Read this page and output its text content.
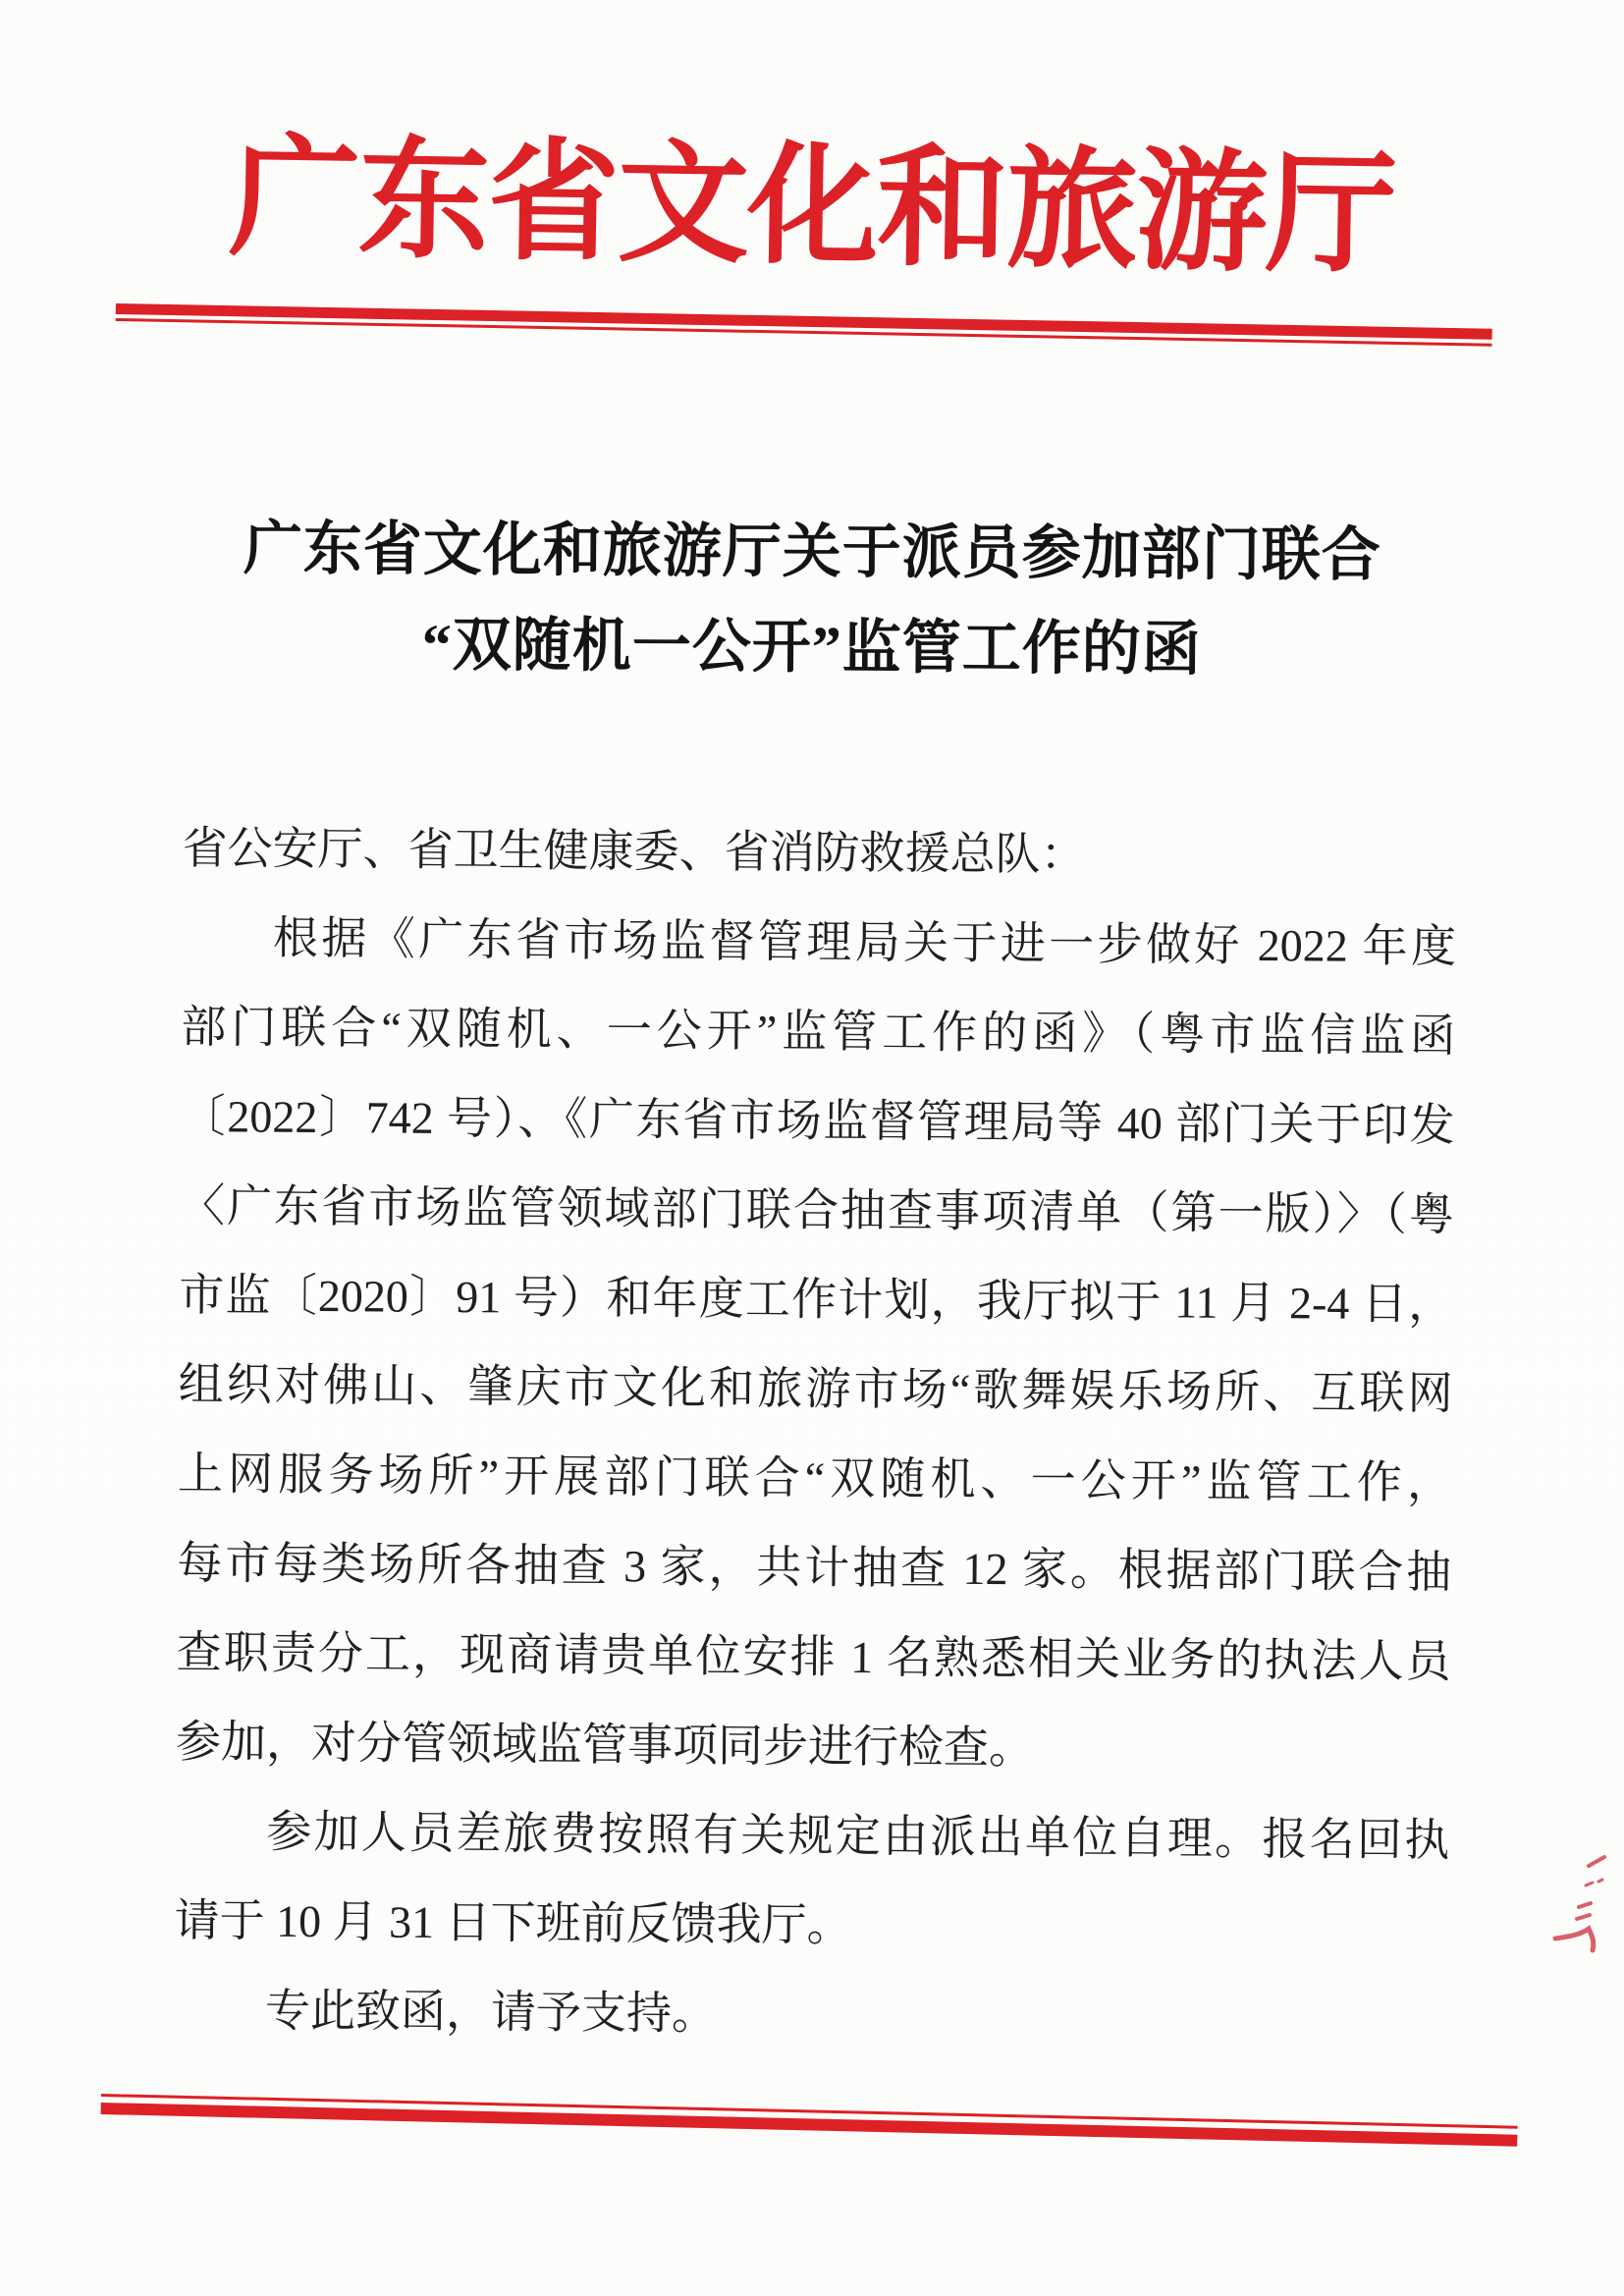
广东省文化和旅游厅
广东省文化和旅游厅关于派员参加部门联合
“双随机一公开”监管工作的函
省公安厅、省卫生健康委、省消防救援总队：
根据《广东省市场监督管理局关于进一步做好 2022 年度
部门联合“双随机、一公开”监管工作的函》（粤市监信监函
〔2022〕742 号）、《广东省市场监督管理局等 40 部门关于印发
〈广东省市场监管领域部门联合抽查事项清单（第一版）〉（粤
市监〔2020〕91 号）和年度工作计划，我厅拟于 11 月 2-4 日，
组织对佛山、肇庆市文化和旅游市场“歌舞娱乐场所、互联网
上网服务场所”开展部门联合“双随机、一公开”监管工作，
每市每类场所各抽查 3 家，共计抽查 12 家。根据部门联合抽
查职责分工，现商请贵单位安排 1 名熟悉相关业务的执法人员
参加，对分管领域监管事项同步进行检查。
参加人员差旅费按照有关规定由派出单位自理。报名回执
请于 10 月 31 日下班前反馈我厅。
专此致函，请予支持。
